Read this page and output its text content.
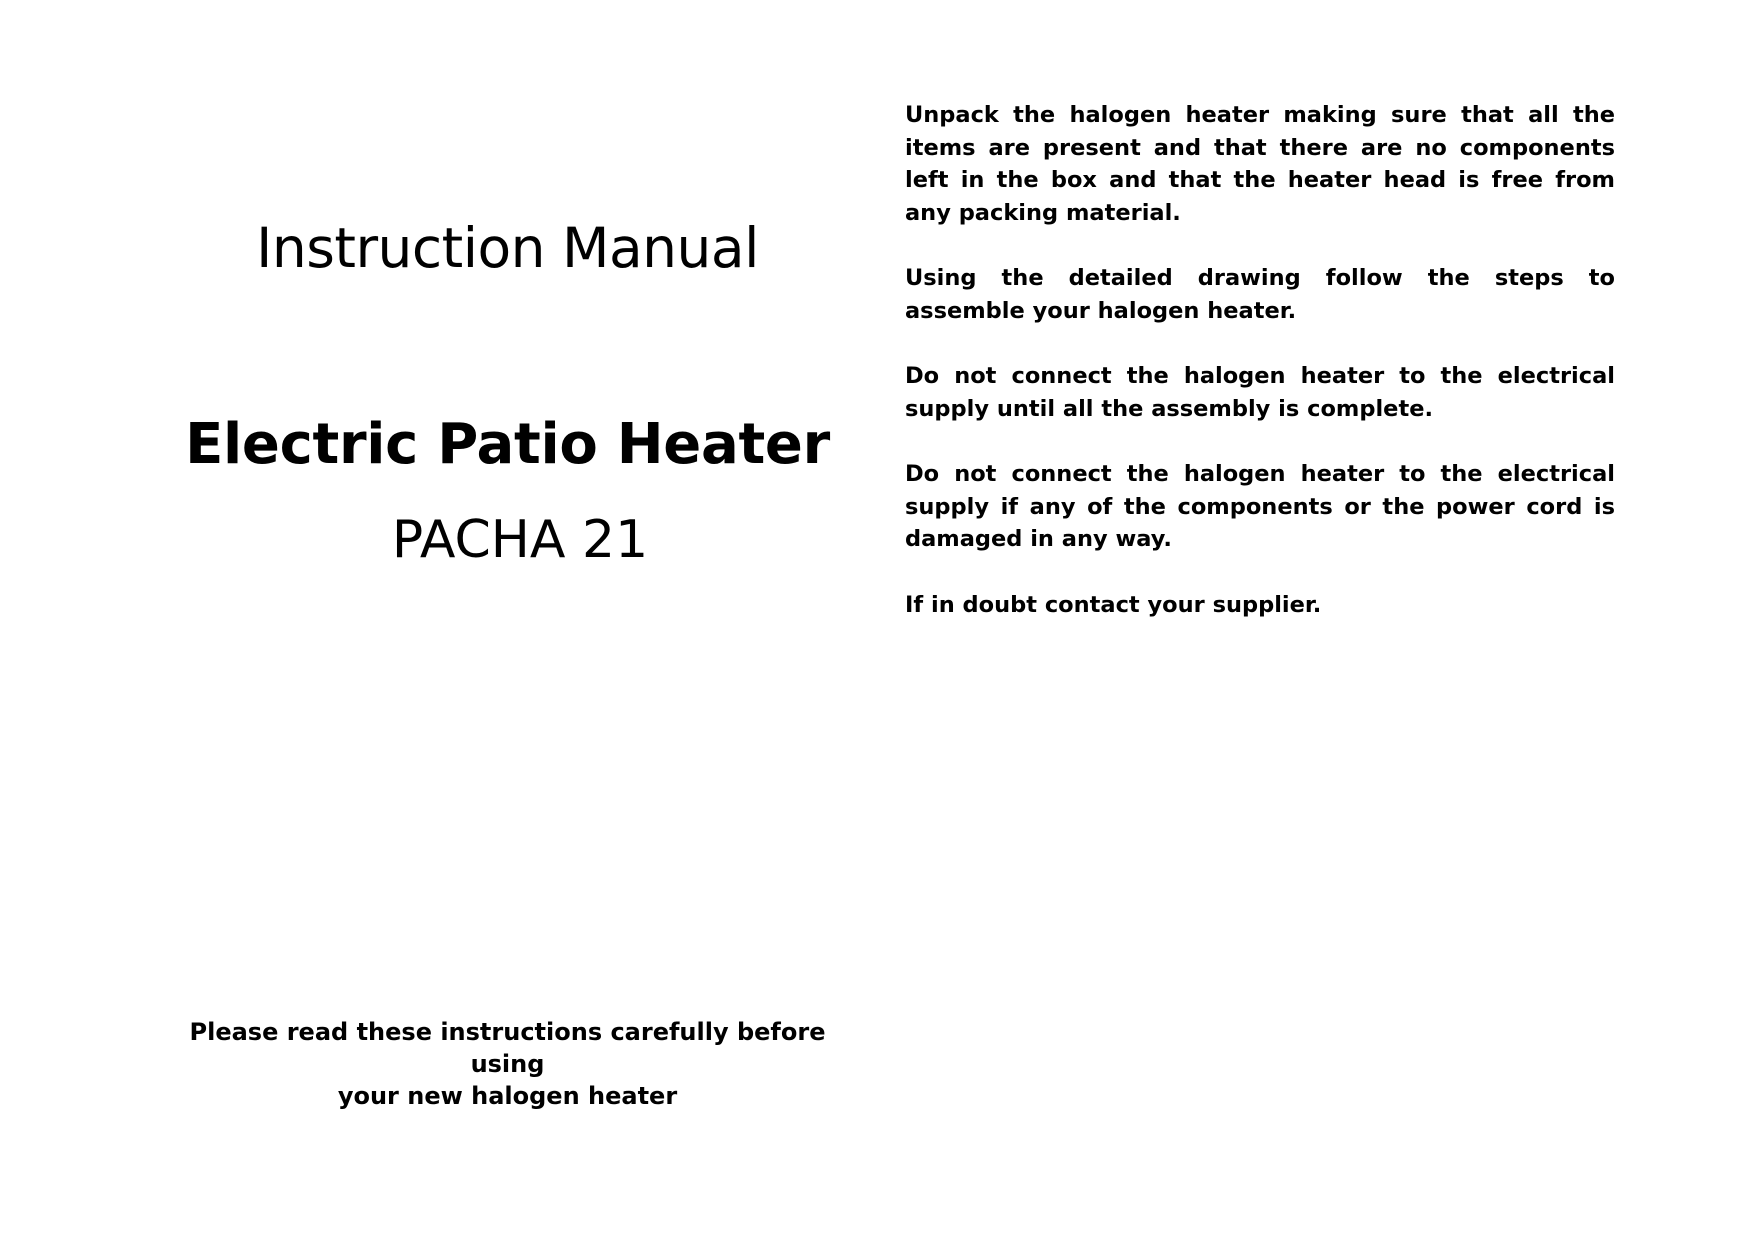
Instruction Manual
Electric Patio Heater
PACHA 21
Please read these instructions carefully before using
your new halogen heater

Unpack the halogen heater making sure that all the items are present and that there are no components left in the box and that the heater head is free from any packing material.

Using the detailed drawing follow the steps to assemble your halogen heater.

Do not connect the halogen heater to the electrical supply until all the assembly is complete.

Do not connect the halogen heater to the electrical supply if any of the components or the power cord is damaged in any way.

If in doubt contact your supplier.
